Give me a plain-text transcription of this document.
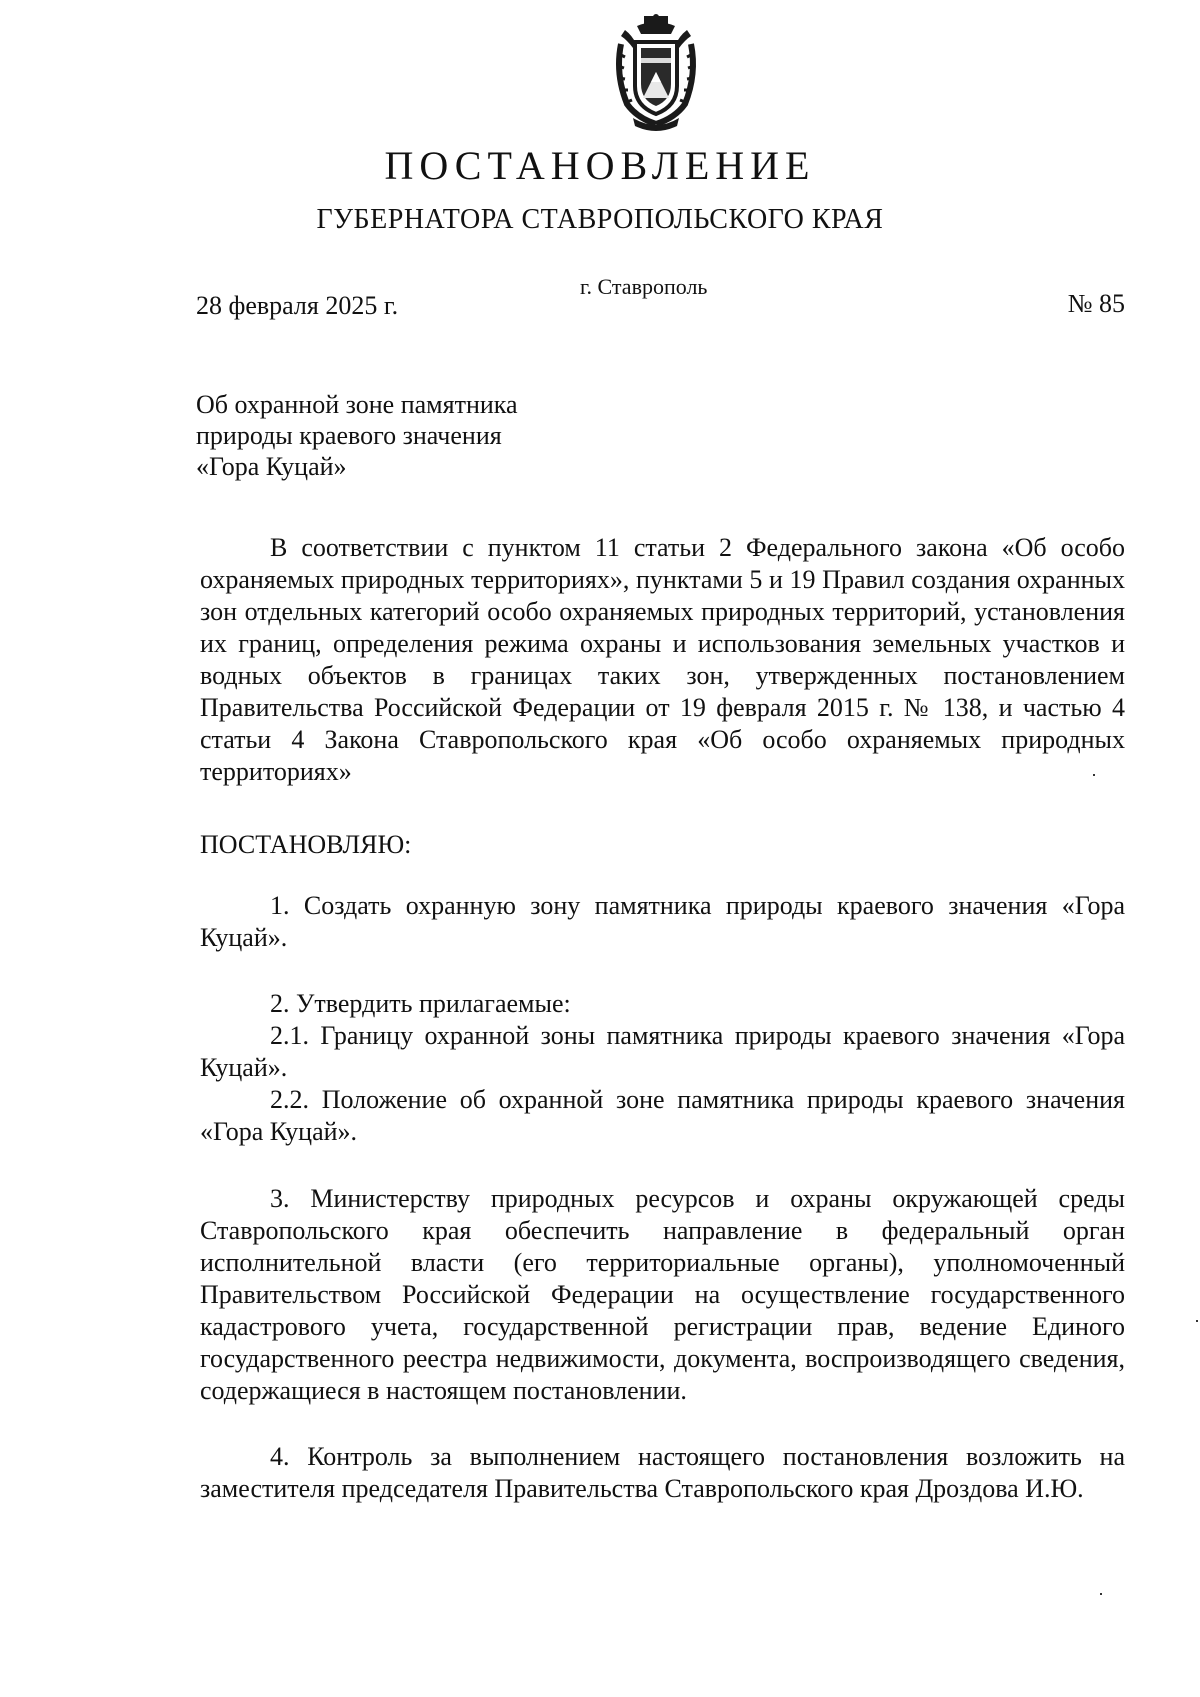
ПОСТАНОВЛЕНИЕ
ГУБЕРНАТОРА СТАВРОПОЛЬСКОГО КРАЯ
г. Ставрополь
28 февраля 2025 г.	№ 85
Об охранной зоне памятника
природы краевого значения
«Гора Куцай»

В соответствии с пунктом 11 статьи 2 Федерального закона «Об особо охраняемых природных территориях», пунктами 5 и 19 Правил создания охранных зон отдельных категорий особо охраняемых природных территорий, установления их границ, определения режима охраны и использования земельных участков и водных объектов в границах таких зон, утвержденных постановлением Правительства Российской Федерации от 19 февраля 2015 г. № 138, и частью 4 статьи 4 Закона Ставропольского края «Об особо охраняемых природных территориях»

ПОСТАНОВЛЯЮ:

1. Создать охранную зону памятника природы краевого значения «Гора Куцай».

2. Утвердить прилагаемые:

2.1. Границу охранной зоны памятника природы краевого значения «Гора Куцай».

2.2. Положение об охранной зоне памятника природы краевого значения «Гора Куцай».

3. Министерству природных ресурсов и охраны окружающей среды Ставропольского края обеспечить направление в федеральный орган исполнительной власти (его территориальные органы), уполномоченный Правительством Российской Федерации на осуществление государственного кадастрового учета, государственной регистрации прав, ведение Единого государственного реестра недвижимости, документа, воспроизводящего сведения, содержащиеся в настоящем постановлении.

4. Контроль за выполнением настоящего постановления возложить на заместителя председателя Правительства Ставропольского края Дроздова И.Ю.
